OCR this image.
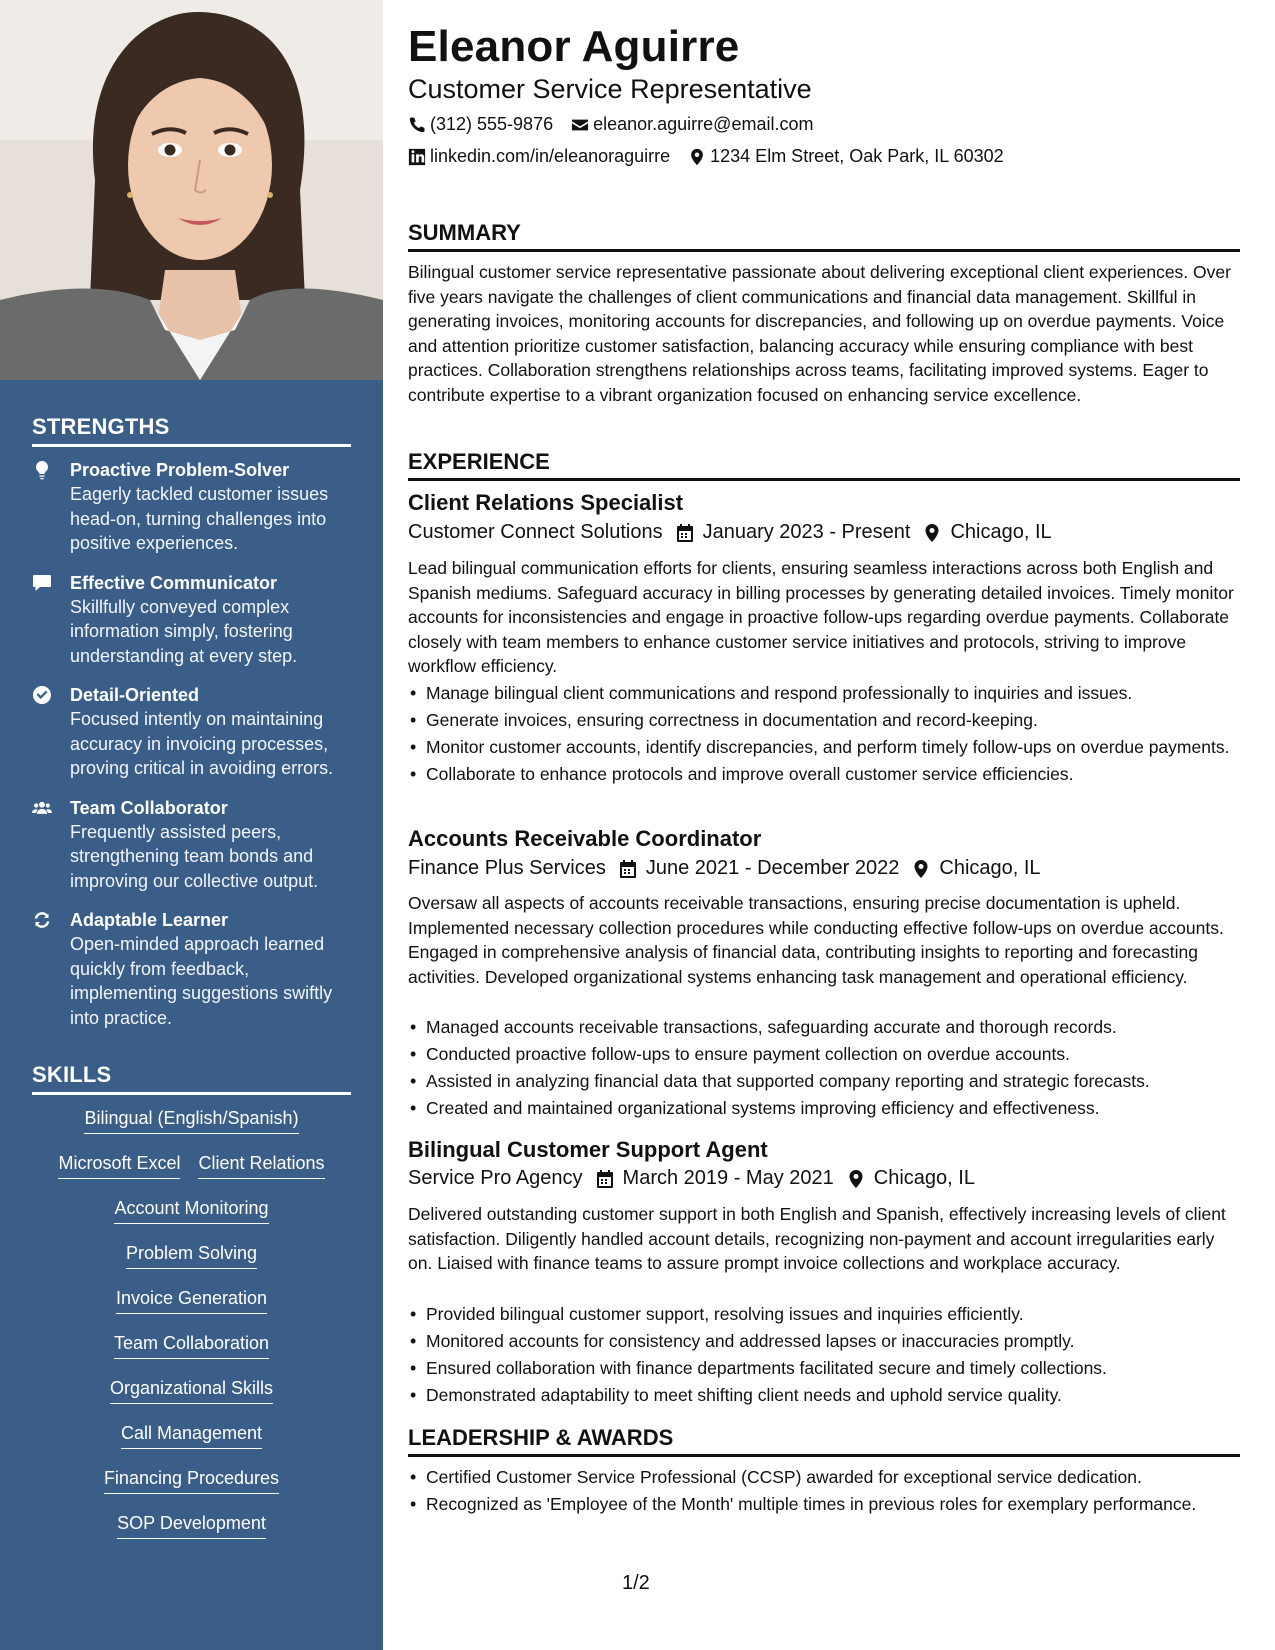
STRENGTHS
Proactive Problem-Solver
Eagerly tackled customer issues head-on, turning challenges into positive experiences.
Effective Communicator
Skillfully conveyed complex information simply, fostering understanding at every step.
Detail-Oriented
Focused intently on maintaining accuracy in invoicing processes, proving critical in avoiding errors.
Team Collaborator
Frequently assisted peers, strengthening team bonds and improving our collective output.
Adaptable Learner
Open-minded approach learned quickly from feedback, implementing suggestions swiftly into practice.
SKILLS
Bilingual (English/Spanish)
Microsoft Excel Client Relations
Account Monitoring
Problem Solving
Invoice Generation
Team Collaboration
Organizational Skills
Call Management
Financing Procedures
SOP Development
Eleanor Aguirre
Customer Service Representative
(312) 555-9876 eleanor.aguirre@email.com
linkedin.com/in/eleanoraguirre 1234 Elm Street, Oak Park, IL 60302
SUMMARY
Bilingual customer service representative passionate about delivering exceptional client experiences. Over five years navigate the challenges of client communications and financial data management. Skillful in generating invoices, monitoring accounts for discrepancies, and following up on overdue payments. Voice and attention prioritize customer satisfaction, balancing accuracy while ensuring compliance with best practices. Collaboration strengthens relationships across teams, facilitating improved systems. Eager to contribute expertise to a vibrant organization focused on enhancing service excellence.
EXPERIENCE
Client Relations Specialist
Customer Connect Solutions January 2023 - Present Chicago, IL
Lead bilingual communication efforts for clients, ensuring seamless interactions across both English and Spanish mediums. Safeguard accuracy in billing processes by generating detailed invoices. Timely monitor accounts for inconsistencies and engage in proactive follow-ups regarding overdue payments. Collaborate closely with team members to enhance customer service initiatives and protocols, striving to improve workflow efficiency.
• Manage bilingual client communications and respond professionally to inquiries and issues.
• Generate invoices, ensuring correctness in documentation and record-keeping.
• Monitor customer accounts, identify discrepancies, and perform timely follow-ups on overdue payments.
• Collaborate to enhance protocols and improve overall customer service efficiencies.
Accounts Receivable Coordinator
Finance Plus Services June 2021 - December 2022 Chicago, IL
Oversaw all aspects of accounts receivable transactions, ensuring precise documentation is upheld. Implemented necessary collection procedures while conducting effective follow-ups on overdue accounts. Engaged in comprehensive analysis of financial data, contributing insights to reporting and forecasting activities. Developed organizational systems enhancing task management and operational efficiency.
• Managed accounts receivable transactions, safeguarding accurate and thorough records.
• Conducted proactive follow-ups to ensure payment collection on overdue accounts.
• Assisted in analyzing financial data that supported company reporting and strategic forecasts.
• Created and maintained organizational systems improving efficiency and effectiveness.
Bilingual Customer Support Agent
Service Pro Agency March 2019 - May 2021 Chicago, IL
Delivered outstanding customer support in both English and Spanish, effectively increasing levels of client satisfaction. Diligently handled account details, recognizing non-payment and account irregularities early on. Liaised with finance teams to assure prompt invoice collections and workplace accuracy.
• Provided bilingual customer support, resolving issues and inquiries efficiently.
• Monitored accounts for consistency and addressed lapses or inaccuracies promptly.
• Ensured collaboration with finance departments facilitated secure and timely collections.
• Demonstrated adaptability to meet shifting client needs and uphold service quality.
LEADERSHIP & AWARDS
• Certified Customer Service Professional (CCSP) awarded for exceptional service dedication.
• Recognized as 'Employee of the Month' multiple times in previous roles for exemplary performance.
1/2
